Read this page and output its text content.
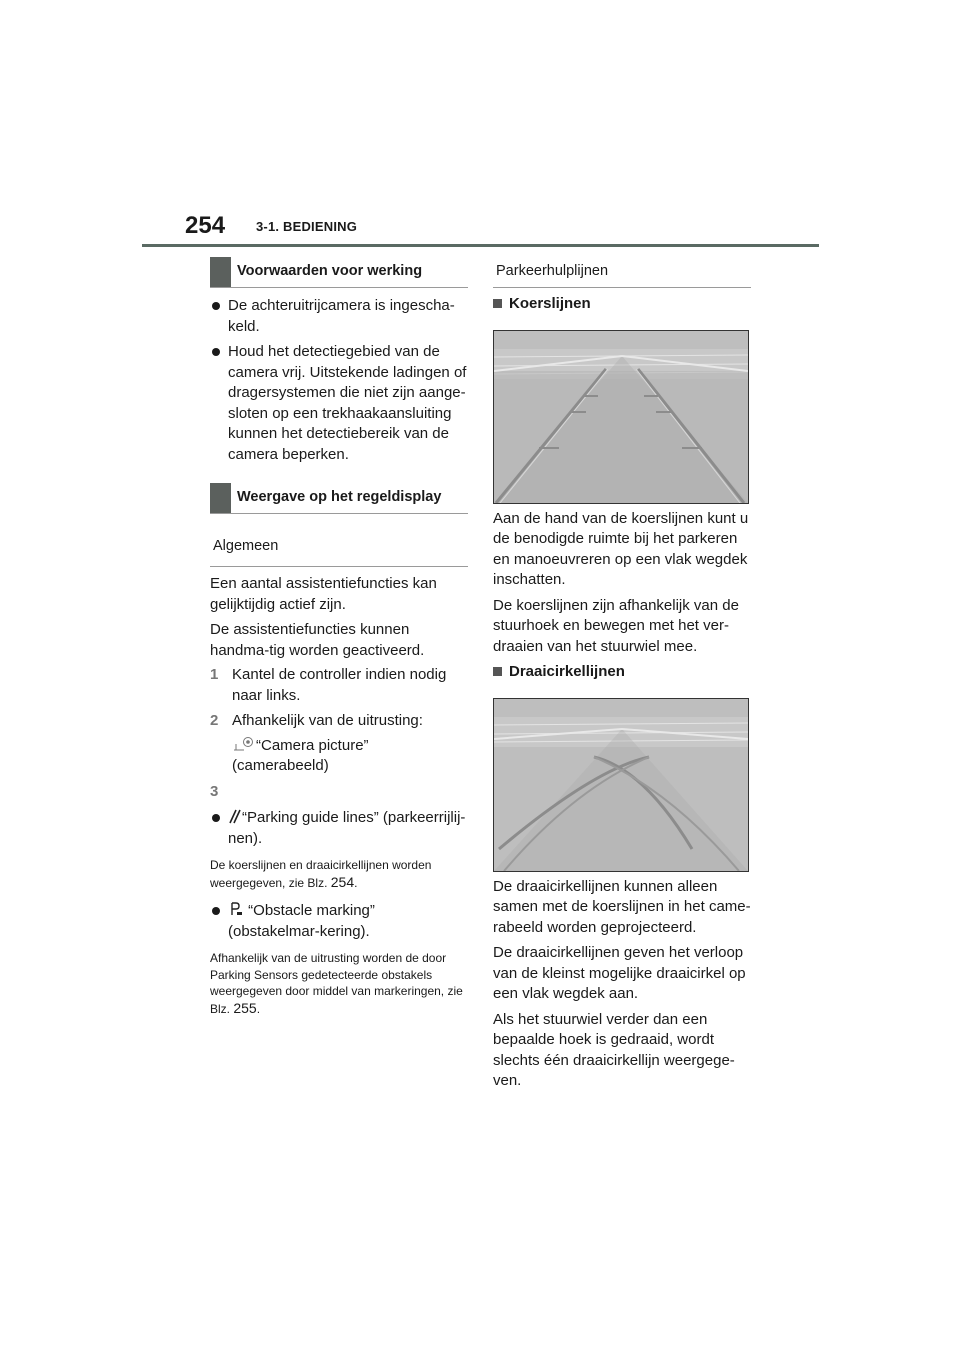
254 3-1. BEDIENING
Voorwaarden voor werking

De achteruitrijcamera is ingescha-keld.

Houd het detectiegebied van de camera vrij. Uitstekende ladingen of dragersystemen die niet zijn aange-sloten op een trekhaakaansluiting kunnen het detectiebereik van de camera beperken.

Weergave op het regeldisplay
Algemeen

Een aantal assistentiefuncties kan gelijktijdig actief zijn.

De assistentiefuncties kunnen handma-tig worden geactiveerd.

1 Kantel de controller indien nodig naar links.

2 Afhankelijk van de uitrusting:

“Camera picture” (camerabeeld)

3

“Parking guide lines” (parkeerrijlij-nen).

De koerslijnen en draaicirkellijnen worden weergegeven, zie Blz. 254.

“Obstacle marking” (obstakelmar-kering).

Afhankelijk van de uitrusting worden de door Parking Sensors gedetecteerde obstakels weergegeven door middel van markeringen, zie Blz. 255.

Parkeerhulplijnen
Koerslijnen

Aan de hand van de koerslijnen kunt u de benodigde ruimte bij het parkeren en manoeuvreren op een vlak wegdek inschatten.

De koerslijnen zijn afhankelijk van de stuurhoek en bewegen met het ver-draaien van het stuurwiel mee.

Draaicirkellijnen

De draaicirkellijnen kunnen alleen samen met de koerslijnen in het came-rabeeld worden geprojecteerd.

De draaicirkellijnen geven het verloop van de kleinst mogelijke draaicirkel op een vlak wegdek aan.

Als het stuurwiel verder dan een bepaalde hoek is gedraaid, wordt slechts één draaicirkellijn weergege-ven.
